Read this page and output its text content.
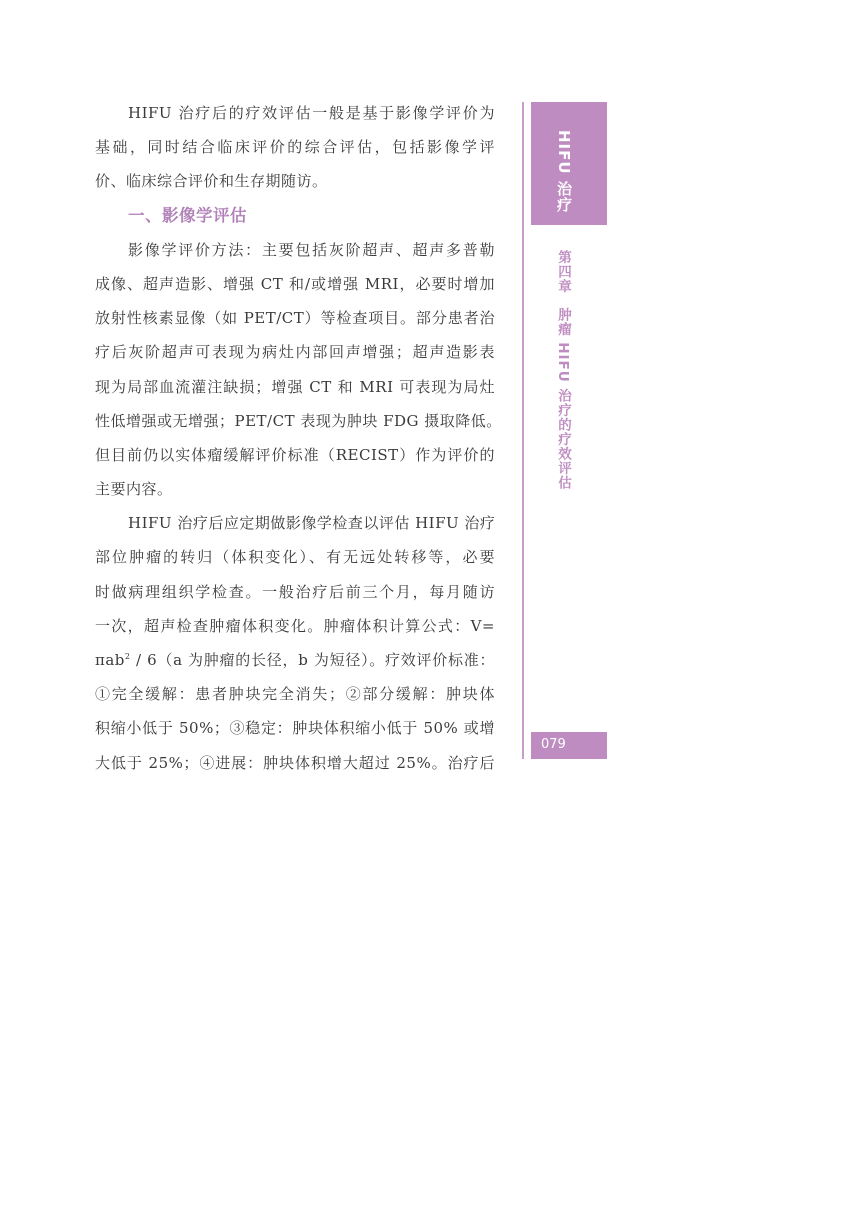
HIFU 治疗后的疗效评估一般是基于影像学评价为
基础，同时结合临床评价的综合评估，包括影像学评
价、临床综合评价和生存期随访。
一、影像学评估
影像学评价方法：主要包括灰阶超声、超声多普勒
成像、超声造影、增强 CT 和/或增强 MRI，必要时增加
放射性核素显像（如 PET/CT）等检查项目。部分患者治
疗后灰阶超声可表现为病灶内部回声增强；超声造影表
现为局部血流灌注缺损；增强 CT 和 MRI 可表现为局灶
性低增强或无增强；PET/CT 表现为肿块 FDG 摄取降低。
但目前仍以实体瘤缓解评价标准（RECIST）作为评价的
主要内容。
HIFU 治疗后应定期做影像学检查以评估 HIFU 治疗
部位肿瘤的转归（体积变化）、有无远处转移等，必要
时做病理组织学检查。一般治疗后前三个月，每月随访
一次，超声检查肿瘤体积变化。肿瘤体积计算公式：V=
πab$^2$ / 6（a 为肿瘤的长径，b 为短径）。疗效评价标准：
①完全缓解：患者肿块完全消失；②部分缓解：肿块体
积缩小低于 50%；③稳定：肿块体积缩小低于 50% 或增
大低于 25%；④进展：肿块体积增大超过 25%。治疗后
HIFU 治疗
第四章肿瘤 HIFU 治疗的疗效评估
079
